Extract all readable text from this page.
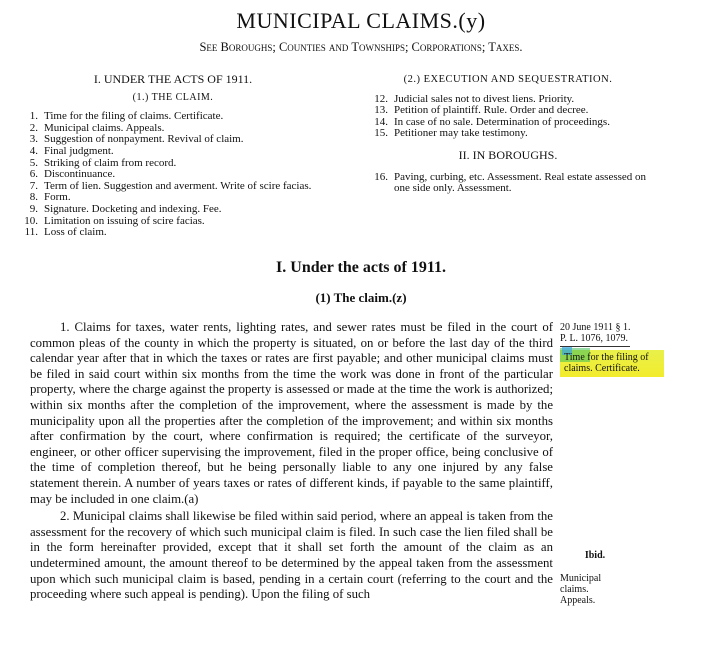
MUNICIPAL CLAIMS.(y)
See Boroughs; Counties and Townships; Corporations; Taxes.
I. UNDER THE ACTS OF 1911.
(1.) THE CLAIM.
1. Time for the filing of claims. Certificate.
2. Municipal claims. Appeals.
3. Suggestion of nonpayment. Revival of claim.
4. Final judgment.
5. Striking of claim from record.
6. Discontinuance.
7. Term of lien. Suggestion and averment. Write of scire facias.
8. Form.
9. Signature. Docketing and indexing. Fee.
10. Limitation on issuing of scire facias.
11. Loss of claim.
(2.) EXECUTION AND SEQUESTRATION.
12. Judicial sales not to divest liens. Priority.
13. Petition of plaintiff. Rule. Order and decree.
14. In case of no sale. Determination of proceedings.
15. Petitioner may take testimony.
II. IN BOROUGHS.
16. Paving, curbing, etc. Assessment. Real estate assessed on one side only. Assessment.
I. Under the acts of 1911.
(1) The claim.(z)

1. Claims for taxes, water rents, lighting rates, and sewer rates must be filed in the court of common pleas of the county in which the property is situated, on or before the last day of the third calendar year after that in which the taxes or rates are first payable; and other municipal claims must be filed in said court within six months from the time the work was done in front of the particular property, where the charge against the property is assessed or made at the time the work is authorized; within six months after the completion of the improvement, where the assessment is made by the municipality upon all the properties after the completion of the improvement; and within six months after confirmation by the court, where confirmation is required; the certificate of the surveyor, engineer, or other officer supervising the improvement, filed in the proper office, being conclusive of the time of completion thereof, but he being personally liable to any one injured by any false statement therein. A number of years taxes or rates of different kinds, if payable to the same plaintiff, may be included in one claim.(a)

2. Municipal claims shall likewise be filed within said period, where an appeal is taken from the assessment for the recovery of which such municipal claim is filed. In such case the lien filed shall be in the form hereinafter provided, except that it shall set forth the amount of the claim as an undetermined amount, the amount thereof to be determined by the appeal taken from the assessment upon which such municipal claim is based, pending in a certain court (referring to the court and the proceeding where such appeal is pending). Upon the filing of such

20 June 1911 § 1.
P. L. 1076, 1079.
Time for the filing of claims. Certificate.
Ibid.
Municipal claims. Appeals.
